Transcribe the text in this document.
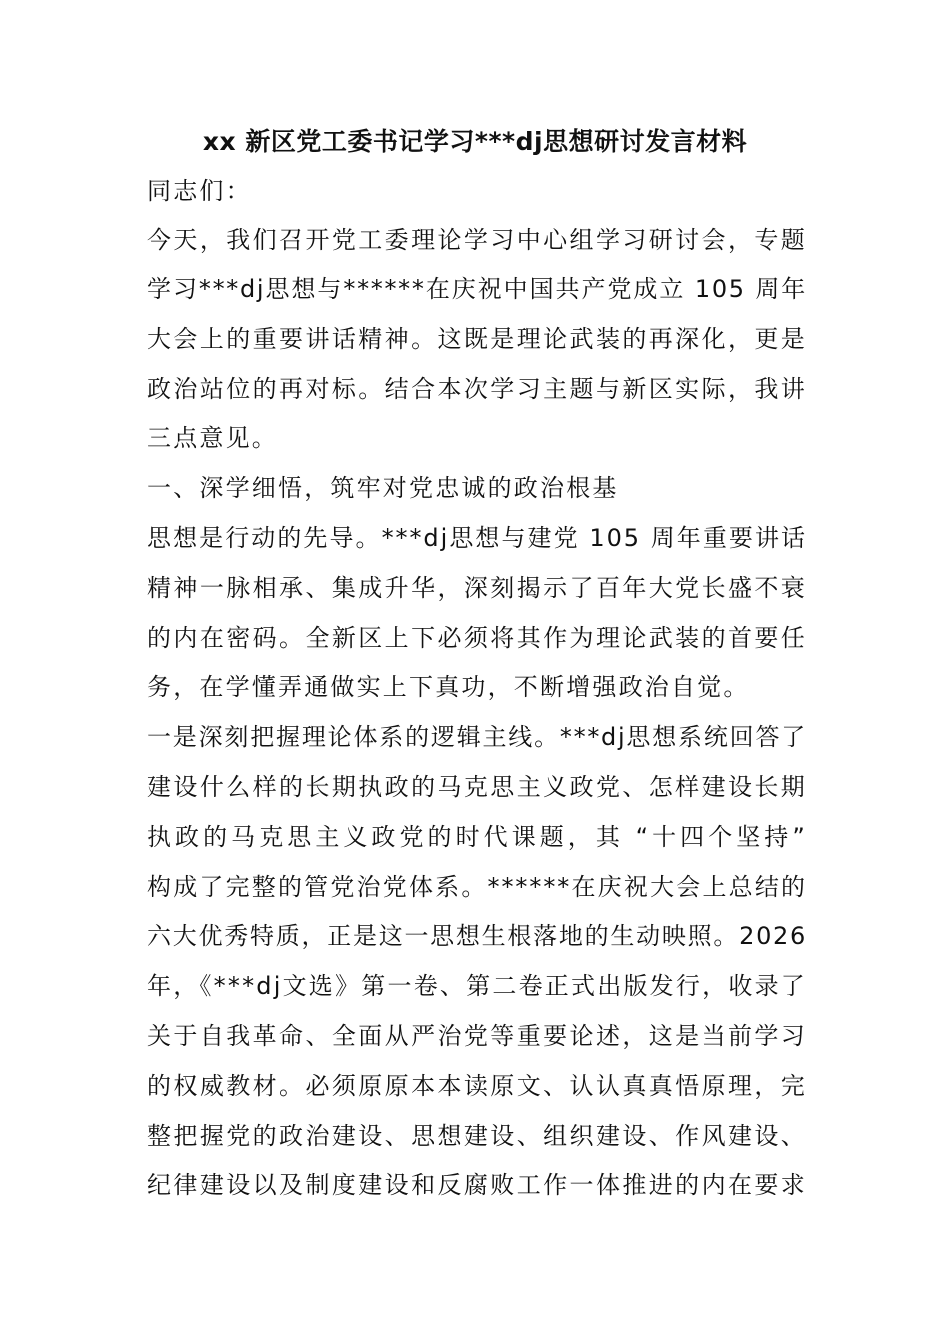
xx 新区党工委书记学习***dj思想研讨发言材料
同志们：
今天，我们召开党工委理论学习中心组学习研讨会，专题
学习***dj思想与******在庆祝中国共产党成立 105 周年
大会上的重要讲话精神。这既是理论武装的再深化，更是
政治站位的再对标。结合本次学习主题与新区实际，我讲
三点意见。
一、深学细悟，筑牢对党忠诚的政治根基
思想是行动的先导。***dj思想与建党 105 周年重要讲话
精神一脉相承、集成升华，深刻揭示了百年大党长盛不衰
的内在密码。全新区上下必须将其作为理论武装的首要任
务，在学懂弄通做实上下真功，不断增强政治自觉。
一是深刻把握理论体系的逻辑主线。***dj思想系统回答了
建设什么样的长期执政的马克思主义政党、怎样建设长期
执政的马克思主义政党的时代课题，其 “十四个坚持”
构成了完整的管党治党体系。******在庆祝大会上总结的
六大优秀特质，正是这一思想生根落地的生动映照。2026
年，《***dj文选》第一卷、第二卷正式出版发行，收录了
关于自我革命、全面从严治党等重要论述，这是当前学习
的权威教材。必须原原本本读原文、认认真真悟原理，完
整把握党的政治建设、思想建设、组织建设、作风建设、
纪律建设以及制度建设和反腐败工作一体推进的内在要求
